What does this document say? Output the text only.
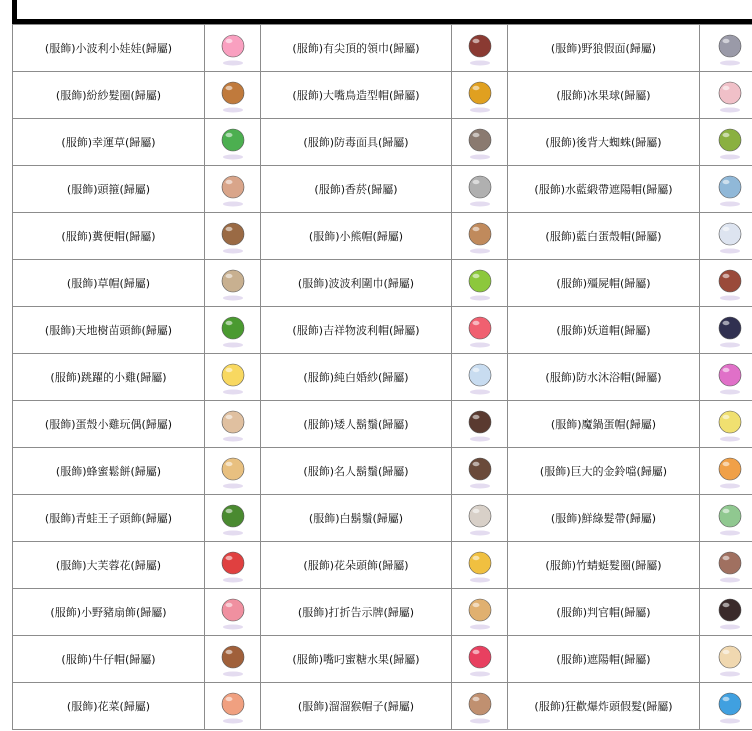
(服飾)小波利小娃娃(歸屬)		(服飾)有尖頂的領巾(歸屬)		(服飾)野狼假面(歸屬)	

(服飾)紛紗髮圈(歸屬)		(服飾)大嘴鳥造型帽(歸屬)		(服飾)冰果球(歸屬)	

(服飾)幸運草(歸屬)		(服飾)防毒面具(歸屬)		(服飾)後背大蜘蛛(歸屬)	

(服飾)頭箍(歸屬)		(服飾)香菸(歸屬)		(服飾)水藍緞帶遮陽帽(歸屬)	

(服飾)糞便帽(歸屬)		(服飾)小熊帽(歸屬)		(服飾)藍白蛋殼帽(歸屬)	

(服飾)草帽(歸屬)		(服飾)波波利圍巾(歸屬)		(服飾)殭屍帽(歸屬)	

(服飾)天地樹苗頭飾(歸屬)		(服飾)吉祥物波利帽(歸屬)		(服飾)妖道帽(歸屬)	

(服飾)跳躍的小雞(歸屬)		(服飾)純白婚紗(歸屬)		(服飾)防水沐浴帽(歸屬)	

(服飾)蛋殼小雞玩偶(歸屬)		(服飾)矮人鬍鬚(歸屬)		(服飾)魔鍋蛋帽(歸屬)	

(服飾)蜂蜜鬆餅(歸屬)		(服飾)名人鬍鬚(歸屬)		(服飾)巨大的金鈴噹(歸屬)	

(服飾)青蛙王子頭飾(歸屬)		(服飾)白鬍鬚(歸屬)		(服飾)鮮綠髮帶(歸屬)	

(服飾)大芙蓉花(歸屬)		(服飾)花朵頭飾(歸屬)		(服飾)竹蜻蜓髮圈(歸屬)	

(服飾)小野豬扇飾(歸屬)		(服飾)打折告示牌(歸屬)		(服飾)判官帽(歸屬)	

(服飾)牛仔帽(歸屬)		(服飾)嘴叼蜜糖水果(歸屬)		(服飾)遮陽帽(歸屬)	

(服飾)花菜(歸屬)		(服飾)溜溜猴帽子(歸屬)		(服飾)狂歡爆炸頭假髮(歸屬)	
